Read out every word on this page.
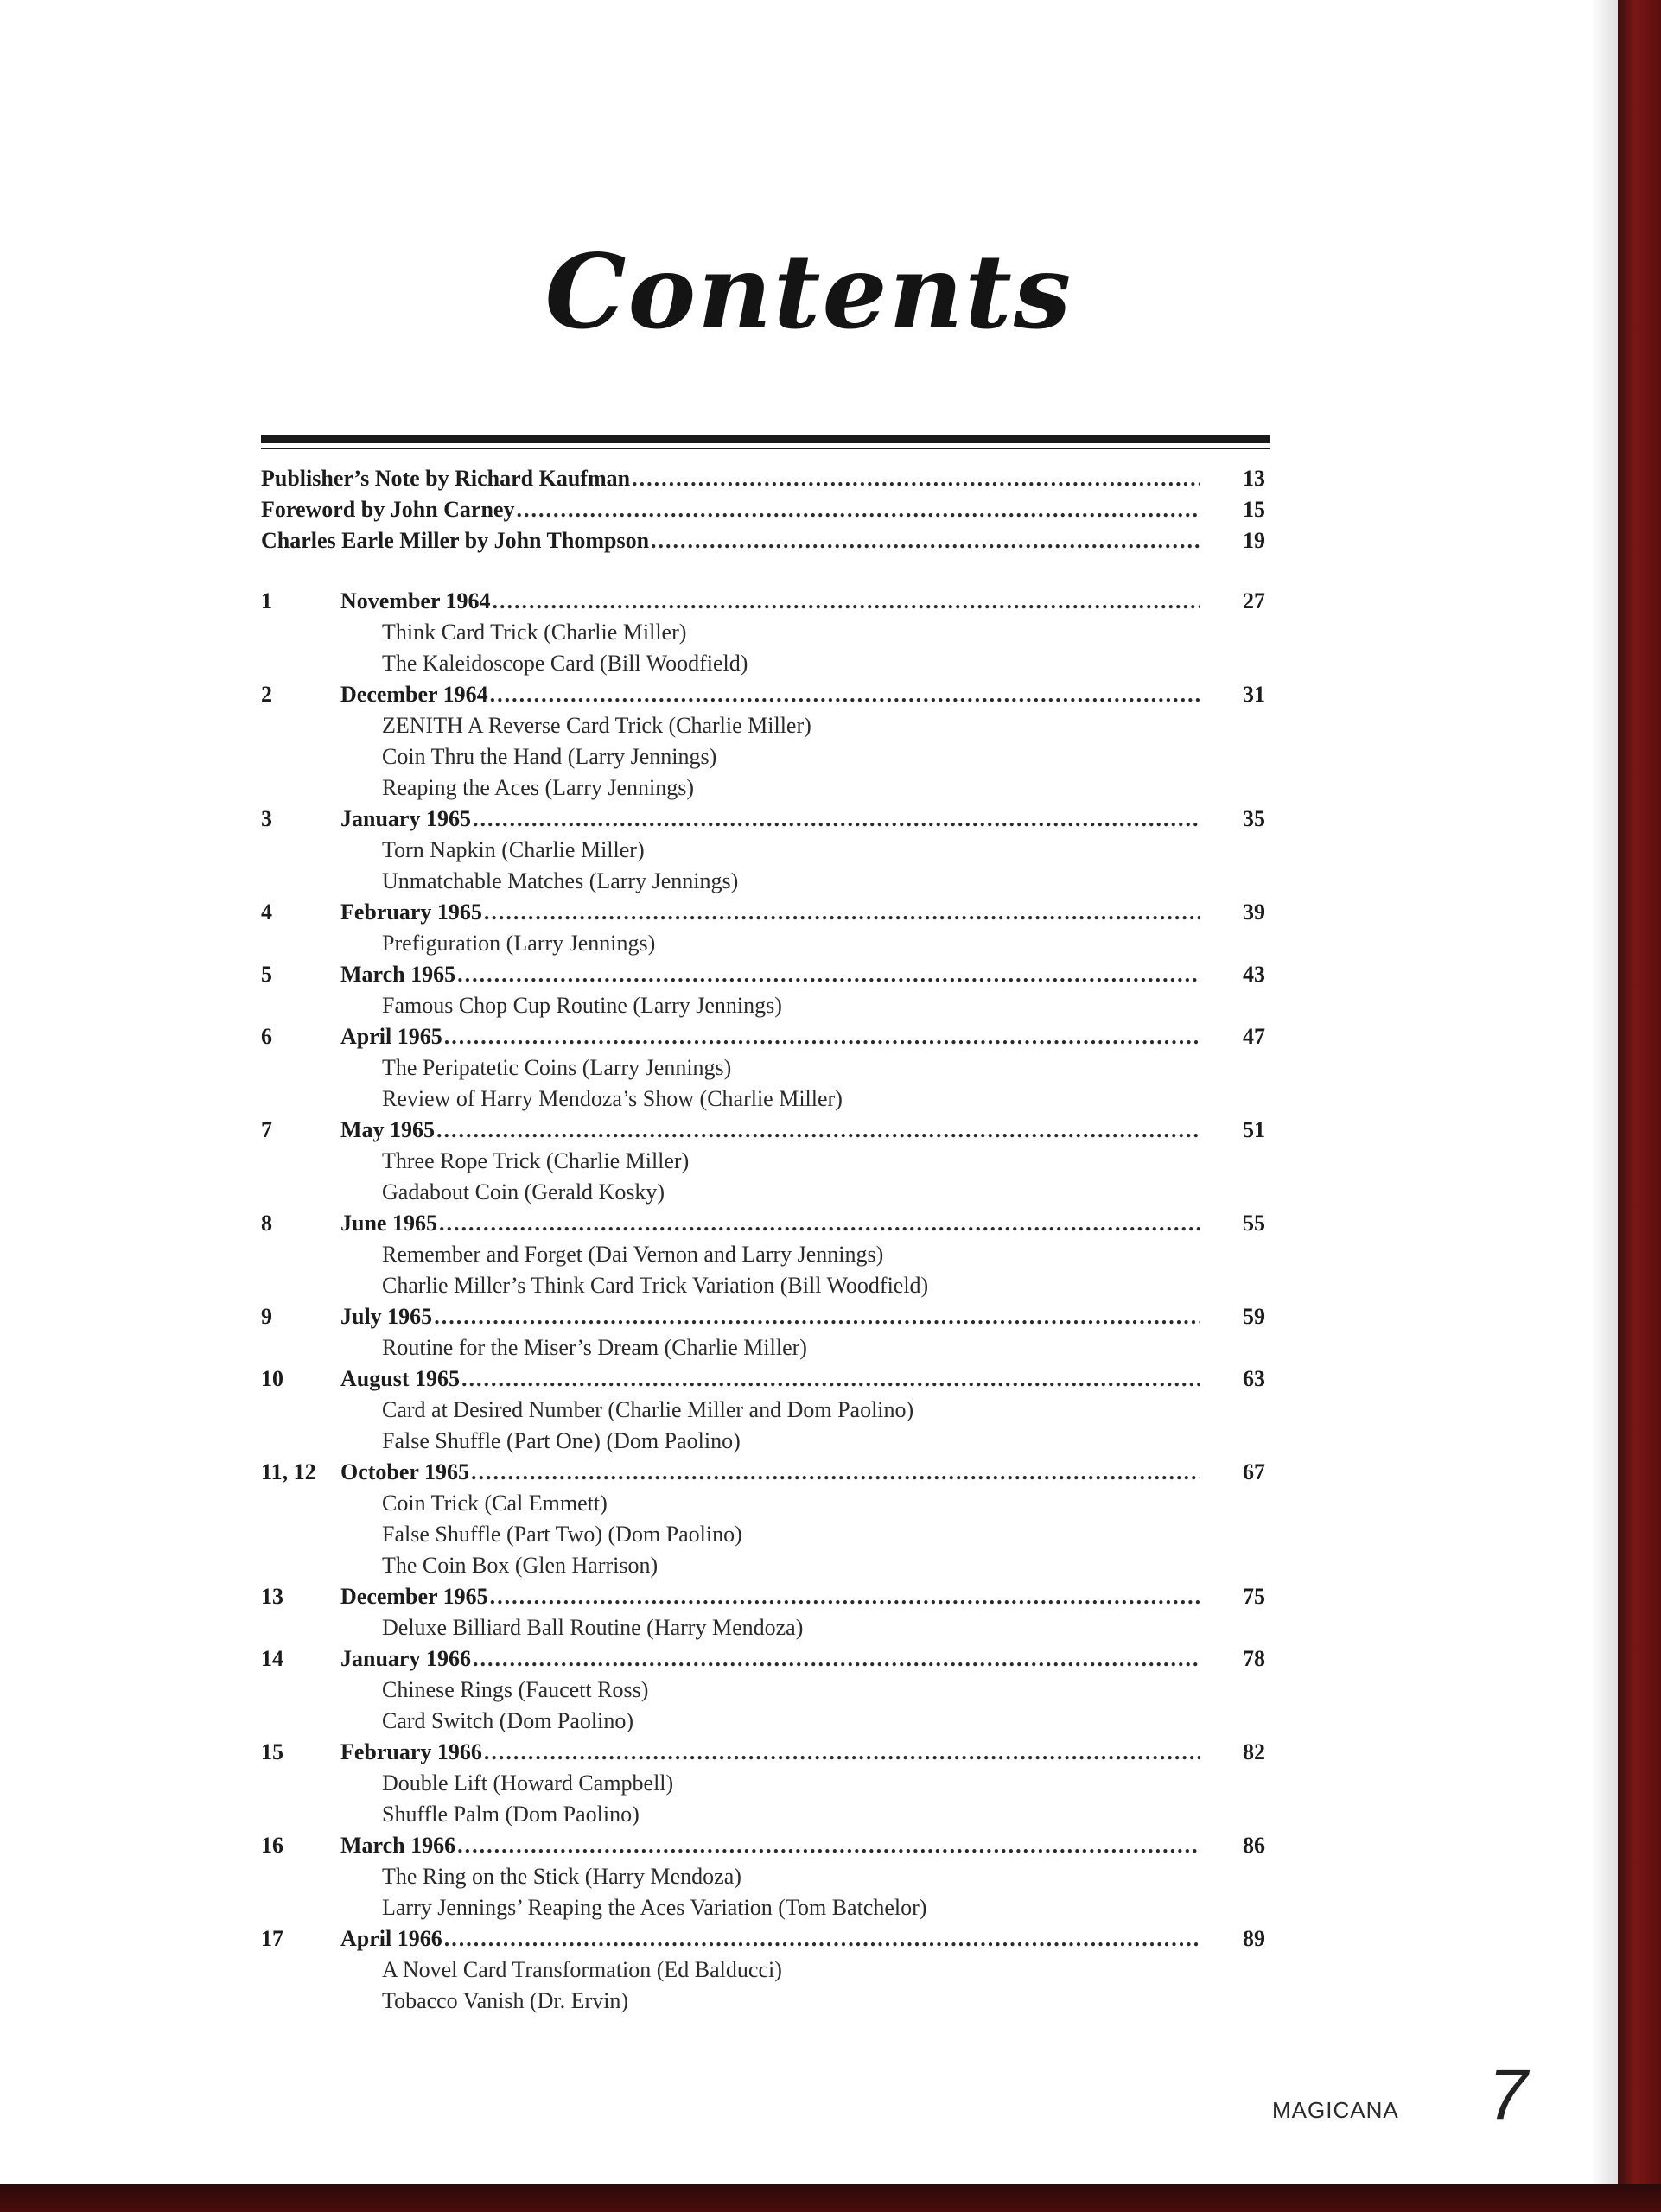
Contents
Publisher’s Note by Richard Kaufman .....	13
Foreword by John Carney .....	15
Charles Earle Miller by John Thompson .....	19
1	November 1964 .....	27
Think Card Trick (Charlie Miller)
The Kaleidoscope Card (Bill Woodfield)
2	December 1964 .....	31
ZENITH A Reverse Card Trick (Charlie Miller)
Coin Thru the Hand (Larry Jennings)
Reaping the Aces (Larry Jennings)
3	January 1965 .....	35
Torn Napkin (Charlie Miller)
Unmatchable Matches (Larry Jennings)
4	February 1965 .....	39
Prefiguration (Larry Jennings)
5	March 1965 .....	43
Famous Chop Cup Routine (Larry Jennings)
6	April 1965 .....	47
The Peripatetic Coins (Larry Jennings)
Review of Harry Mendoza’s Show (Charlie Miller)
7	May 1965 .....	51
Three Rope Trick (Charlie Miller)
Gadabout Coin (Gerald Kosky)
8	June 1965 .....	55
Remember and Forget (Dai Vernon and Larry Jennings)
Charlie Miller’s Think Card Trick Variation (Bill Woodfield)
9	July 1965 .....	59
Routine for the Miser’s Dream (Charlie Miller)
10	August 1965 .....	63
Card at Desired Number (Charlie Miller and Dom Paolino)
False Shuffle (Part One) (Dom Paolino)
11, 12	October 1965 .....	67
Coin Trick (Cal Emmett)
False Shuffle (Part Two) (Dom Paolino)
The Coin Box (Glen Harrison)
13	December 1965 .....	75
Deluxe Billiard Ball Routine (Harry Mendoza)
14	January 1966 .....	78
Chinese Rings (Faucett Ross)
Card Switch (Dom Paolino)
15	February 1966 .....	82
Double Lift (Howard Campbell)
Shuffle Palm (Dom Paolino)
16	March 1966 .....	86
The Ring on the Stick (Harry Mendoza)
Larry Jennings’ Reaping the Aces Variation (Tom Batchelor)
17	April 1966 .....	89
A Novel Card Transformation (Ed Balducci)
Tobacco Vanish (Dr. Ervin)
MAGICANA 7
